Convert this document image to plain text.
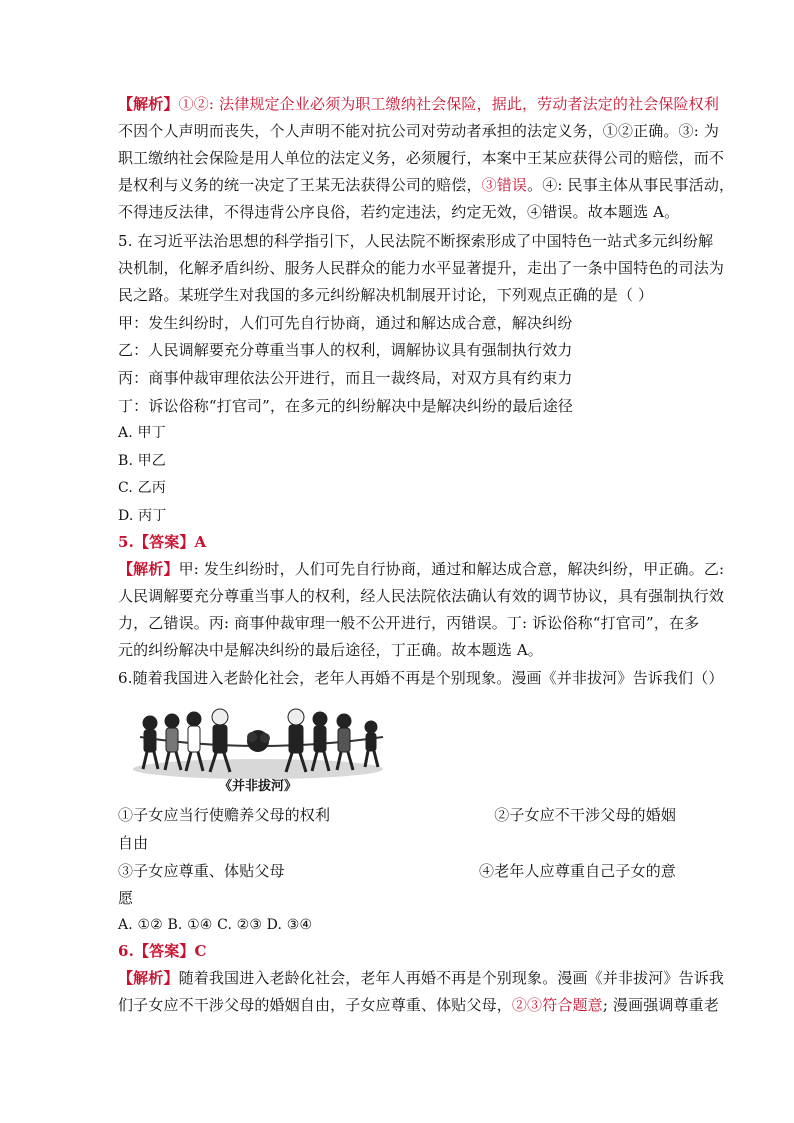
【解析】①②: 法律规定企业必须为职工缴纳社会保险，据此，劳动者法定的社会保险权利
不因个人声明而丧失，个人声明不能对抗公司对劳动者承担的法定义务，①②正确。③: 为
职工缴纳社会保险是用人单位的法定义务，必须履行，本案中王某应获得公司的赔偿，而不
是权利与义务的统一决定了王某无法获得公司的赔偿，③错误。④: 民事主体从事民事活动，
不得违反法律，不得违背公序良俗，若约定违法，约定无效，④错误。故本题选 A。
5. 在习近平法治思想的科学指引下，人民法院不断探索形成了中国特色一站式多元纠纷解
决机制，化解矛盾纠纷、服务人民群众的能力水平显著提升，走出了一条中国特色的司法为
民之路。某班学生对我国的多元纠纷解决机制展开讨论，下列观点正确的是（ ）
甲：发生纠纷时，人们可先自行协商，通过和解达成合意，解决纠纷
乙：人民调解要充分尊重当事人的权利，调解协议具有强制执行效力
丙：商事仲裁审理依法公开进行，而且一裁终局，对双方具有约束力
丁：诉讼俗称“打官司”，在多元的纠纷解决中是解决纠纷的最后途径
A. 甲丁
B. 甲乙
C. 乙丙
D. 丙丁
5.【答案】A
【解析】甲: 发生纠纷时，人们可先自行协商，通过和解达成合意，解决纠纷，甲正确。乙:
人民调解要充分尊重当事人的权利，经人民法院依法确认有效的调节协议，具有强制执行效
力，乙错误。丙: 商事仲裁审理一般不公开进行，丙错误。丁: 诉讼俗称“打官司”，在多
元的纠纷解决中是解决纠纷的最后途径，丁正确。故本题选 A。
6.随着我国进入老龄化社会，老年人再婚不再是个别现象。漫画《并非拔河》告诉我们（）
《并非拔河》
①子女应当行使赡养父母的权利	②子女应不干涉父母的婚姻
自由
③子女应尊重、体贴父母	④老年人应尊重自己子女的意
愿
A. ①② B. ①④ C. ②③ D. ③④
6.【答案】C
【解析】随着我国进入老龄化社会，老年人再婚不再是个别现象。漫画《并非拔河》告诉我
们子女应不干涉父母的婚姻自由，子女应尊重、体贴父母，②③符合题意; 漫画强调尊重老
